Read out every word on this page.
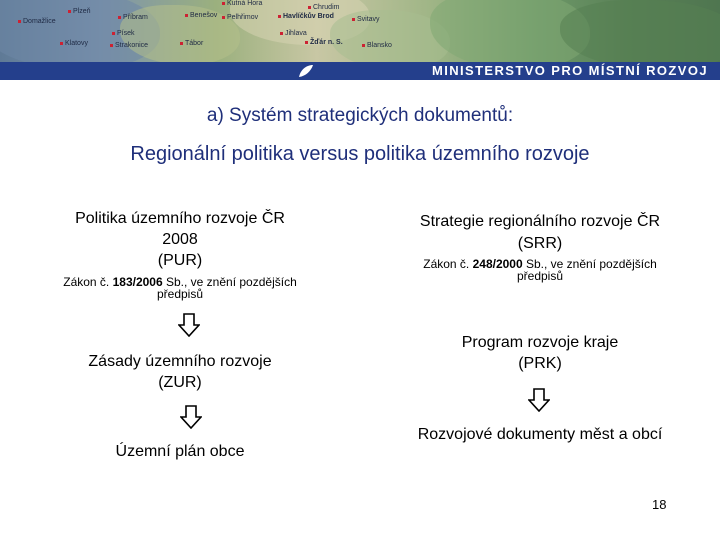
Kutná Hora
Chrudim
Plzeň
Pelhřimov	Havlíčkův Brod	Svitavy
Domažlice
Příbram	Benešov
Písek
Tábor
Jihlava
Žďár n. S.
Klatovy	Strakonice	Blansko
MINISTERSTVO PRO MÍSTNÍ ROZVOJ
a) Systém strategických dokumentů:
Regionální politika versus politika územního rozvoje
Politika územního rozvoje ČR
2008
(PUR)
Zákon č. 183/2006 Sb., ve znění pozdějších
předpisů
Zásady územního rozvoje
(ZUR)
Územní plán obce
Strategie regionálního rozvoje ČR
(SRR)
Zákon č. 248/2000 Sb., ve znění pozdějších
předpisů
Program rozvoje kraje
(PRK)
Rozvojové dokumenty měst a obcí
18
